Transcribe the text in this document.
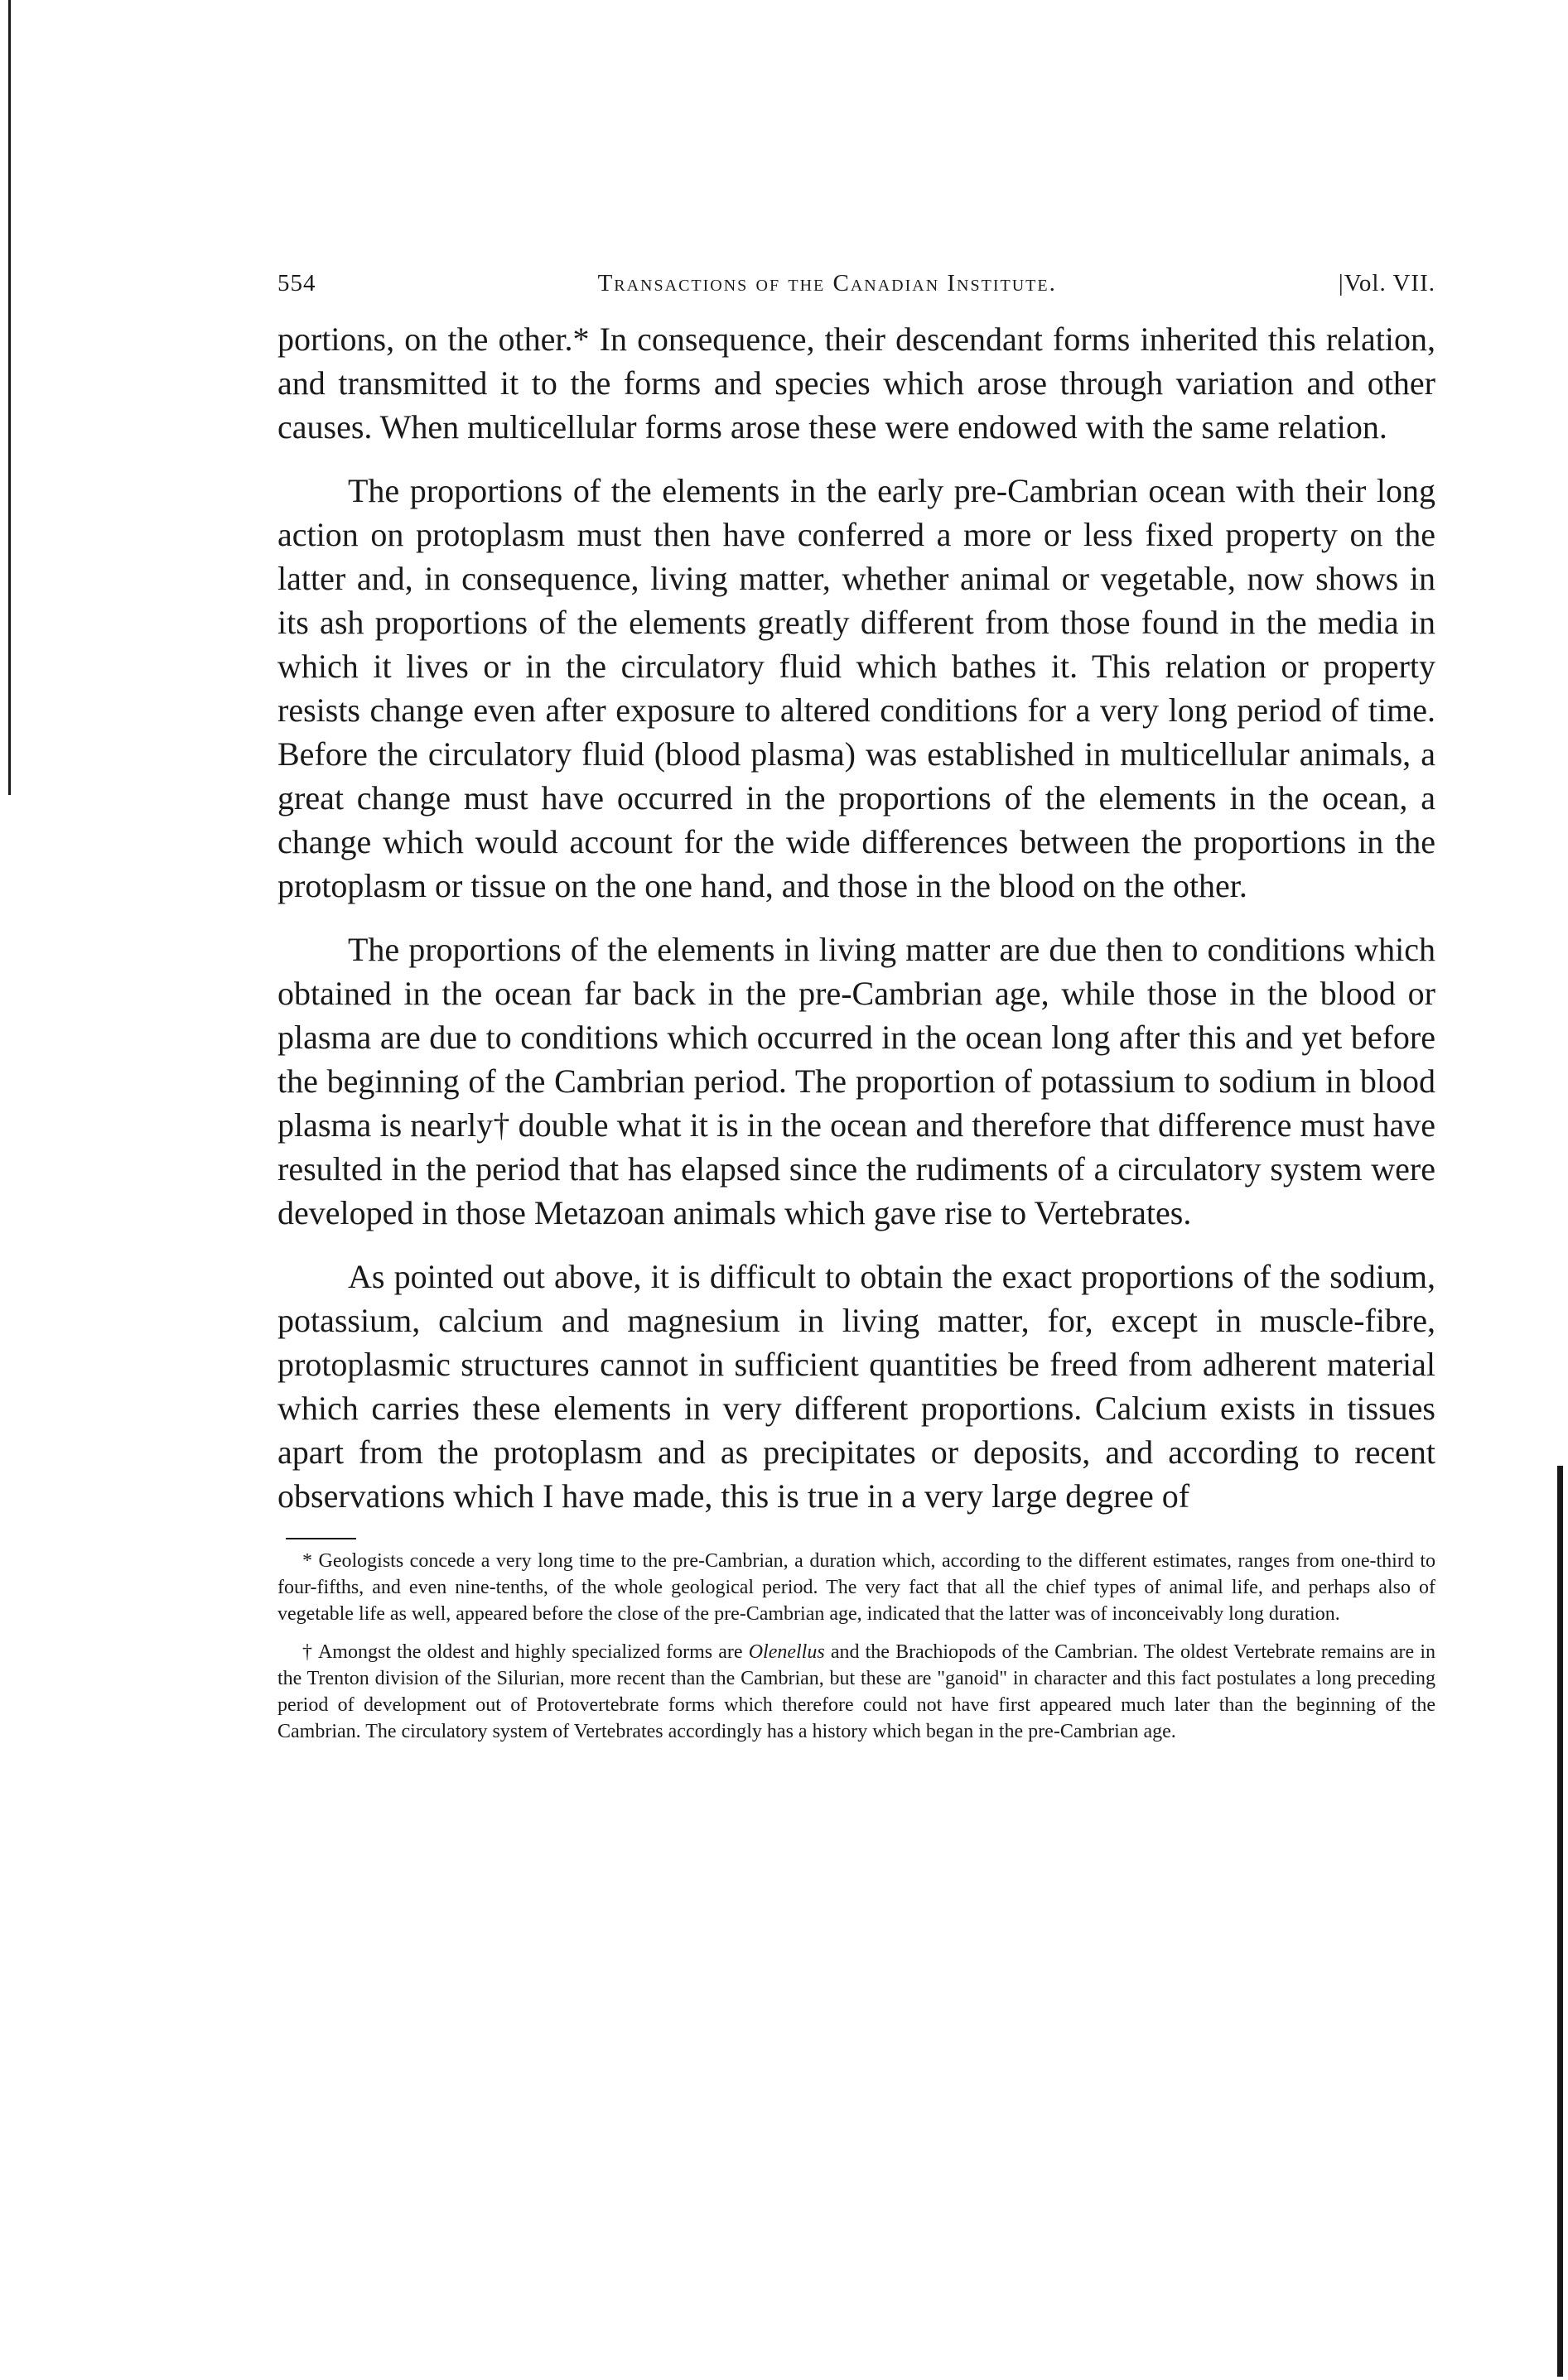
554	Transactions of the Canadian Institute.	|Vol. VII.

portions, on the other.* In consequence, their descendant forms inherited this relation, and transmitted it to the forms and species which arose through variation and other causes. When multicellular forms arose these were endowed with the same relation.

The proportions of the elements in the early pre-Cambrian ocean with their long action on protoplasm must then have conferred a more or less fixed property on the latter and, in consequence, living matter, whether animal or vegetable, now shows in its ash proportions of the elements greatly different from those found in the media in which it lives or in the circulatory fluid which bathes it. This relation or property resists change even after exposure to altered conditions for a very long period of time. Before the circulatory fluid (blood plasma) was established in multicellular animals, a great change must have occurred in the proportions of the elements in the ocean, a change which would account for the wide differences between the proportions in the protoplasm or tissue on the one hand, and those in the blood on the other.

The proportions of the elements in living matter are due then to conditions which obtained in the ocean far back in the pre-Cambrian age, while those in the blood or plasma are due to conditions which occurred in the ocean long after this and yet before the beginning of the Cambrian period. The proportion of potassium to sodium in blood plasma is nearly† double what it is in the ocean and therefore that difference must have resulted in the period that has elapsed since the rudiments of a circulatory system were developed in those Metazoan animals which gave rise to Vertebrates.

As pointed out above, it is difficult to obtain the exact proportions of the sodium, potassium, calcium and magnesium in living matter, for, except in muscle-fibre, protoplasmic structures cannot in sufficient quantities be freed from adherent material which carries these elements in very different proportions. Calcium exists in tissues apart from the protoplasm and as precipitates or deposits, and according to recent observations which I have made, this is true in a very large degree of

* Geologists concede a very long time to the pre-Cambrian, a duration which, according to the different estimates, ranges from one-third to four-fifths, and even nine-tenths, of the whole geological period. The very fact that all the chief types of animal life, and perhaps also of vegetable life as well, appeared before the close of the pre-Cambrian age, indicated that the latter was of inconceivably long duration.

† Amongst the oldest and highly specialized forms are Olenellus and the Brachiopods of the Cambrian. The oldest Vertebrate remains are in the Trenton division of the Silurian, more recent than the Cambrian, but these are "ganoid" in character and this fact postulates a long preceding period of development out of Protovertebrate forms which therefore could not have first appeared much later than the beginning of the Cambrian. The circulatory system of Vertebrates accordingly has a history which began in the pre-Cambrian age.
